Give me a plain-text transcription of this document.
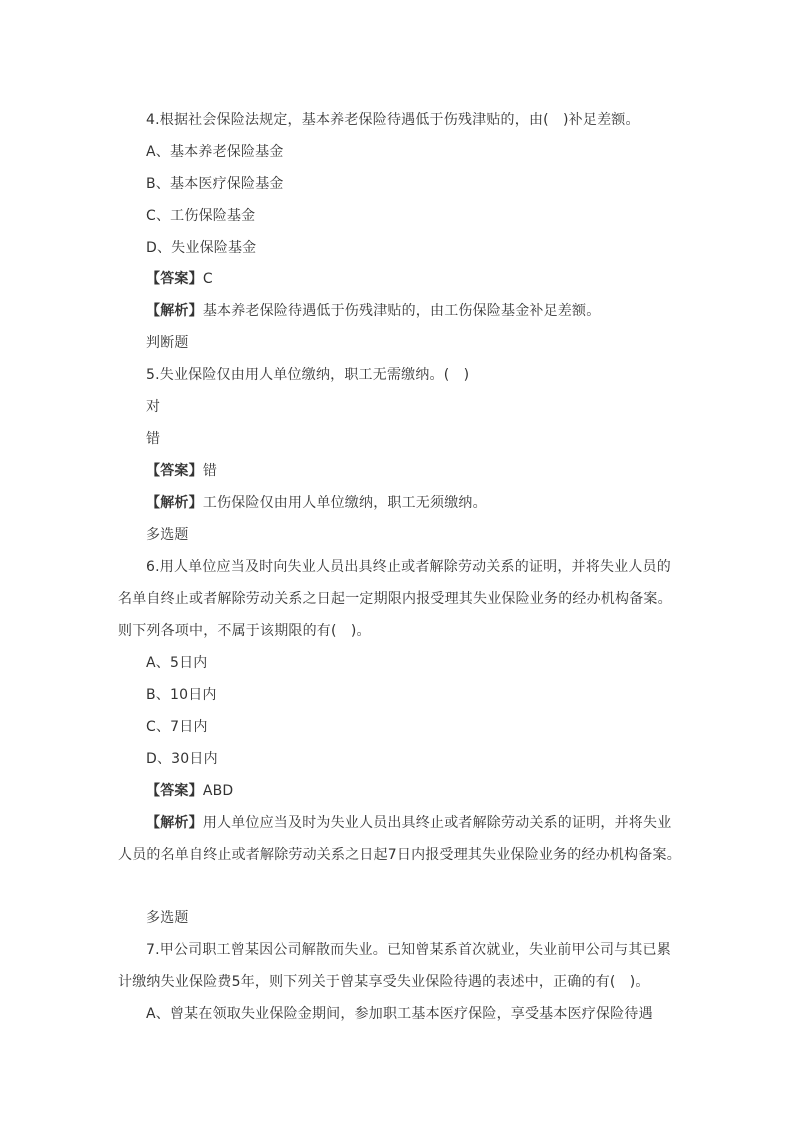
4.根据社会保险法规定，基本养老保险待遇低于伤残津贴的，由(　)补足差额。
A、基本养老保险基金
B、基本医疗保险基金
C、工伤保险基金
D、失业保险基金
【答案】C
【解析】基本养老保险待遇低于伤残津贴的，由工伤保险基金补足差额。
判断题
5.失业保险仅由用人单位缴纳，职工无需缴纳。(　)
对
错
【答案】错
【解析】工伤保险仅由用人单位缴纳，职工无须缴纳。
多选题
6.用人单位应当及时向失业人员出具终止或者解除劳动关系的证明，并将失业人员的
名单自终止或者解除劳动关系之日起一定期限内报受理其失业保险业务的经办机构备案。
则下列各项中，不属于该期限的有(　)。
A、5日内
B、10日内
C、7日内
D、30日内
【答案】ABD
【解析】用人单位应当及时为失业人员出具终止或者解除劳动关系的证明，并将失业
人员的名单自终止或者解除劳动关系之日起7日内报受理其失业保险业务的经办机构备案。
多选题
7.甲公司职工曾某因公司解散而失业。已知曾某系首次就业，失业前甲公司与其已累
计缴纳失业保险费5年，则下列关于曾某享受失业保险待遇的表述中，正确的有(　)。
A、曾某在领取失业保险金期间，参加职工基本医疗保险，享受基本医疗保险待遇
